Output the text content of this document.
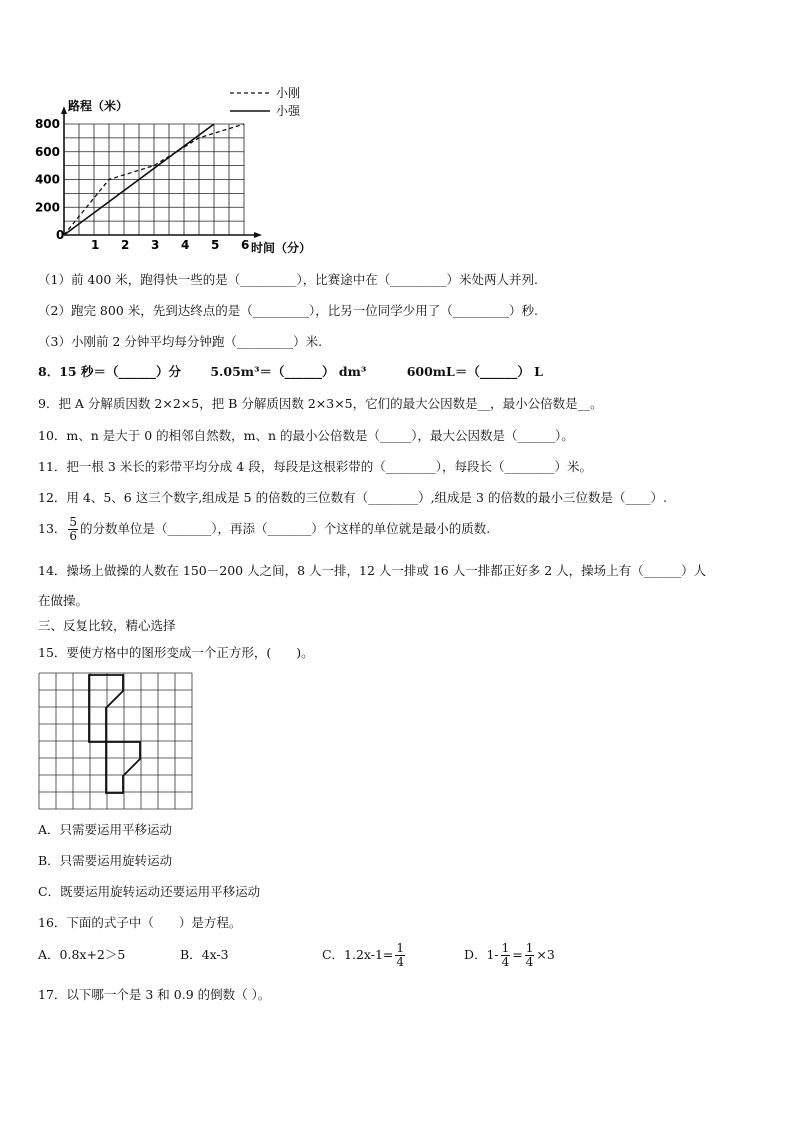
0
1 2 3 4 5 6
200
400
600
800
路程（米）
时间（分）
小刚
小强
（1）前 400 米，跑得快一些的是（_________），比赛途中在（_________）米处两人并列.
（2）跑完 800 米，先到达终点的是（_________），比另一位同学少用了（_________）秒.
（3）小刚前 2 分钟平均每分钟跑（_________）米.
8．15 秒＝（______）分 5.05m³＝（______） dm³	600mL＝（______） L
9．把 A 分解质因数 2×2×5，把 B 分解质因数 2×3×5，它们的最大公因数是__，最小公倍数是__。
10．m、n 是大于 0 的相邻自然数，m、n 的最小公倍数是（_____），最大公因数是（______）。
11．把一根 3 米长的彩带平均分成 4 段，每段是这根彩带的（________），每段长（________）米。
12．用 4、5、6 这三个数字,组成是 5 的倍数的三位数有（________）,组成是 3 的倍数的最小三位数是（____）.
13． $\frac{5}{6}$ 的分数单位是（_______），再添（_______）个这样的单位就是最小的质数.
14．操场上做操的人数在 150－200 人之间，8 人一排，12 人一排或 16 人一排都正好多 2 人，操场上有（______）人
在做操。
三、反复比较，精心选择
15．要使方格中的图形变成一个正方形，(　　)。
A．只需要运用平移运动
B．只需要运用旋转运动
C．既要运用旋转运动还要运用平移运动
16．下面的式子中（　　）是方程。
A．0.8x+2＞5	B．4x-3	C．$1.2x-1= \frac{1}{4}$	D．$1- \frac{1}{4} = \frac{1}{4} \times 3$
17．以下哪一个是 3 和 0.9 的倒数（ ）。
